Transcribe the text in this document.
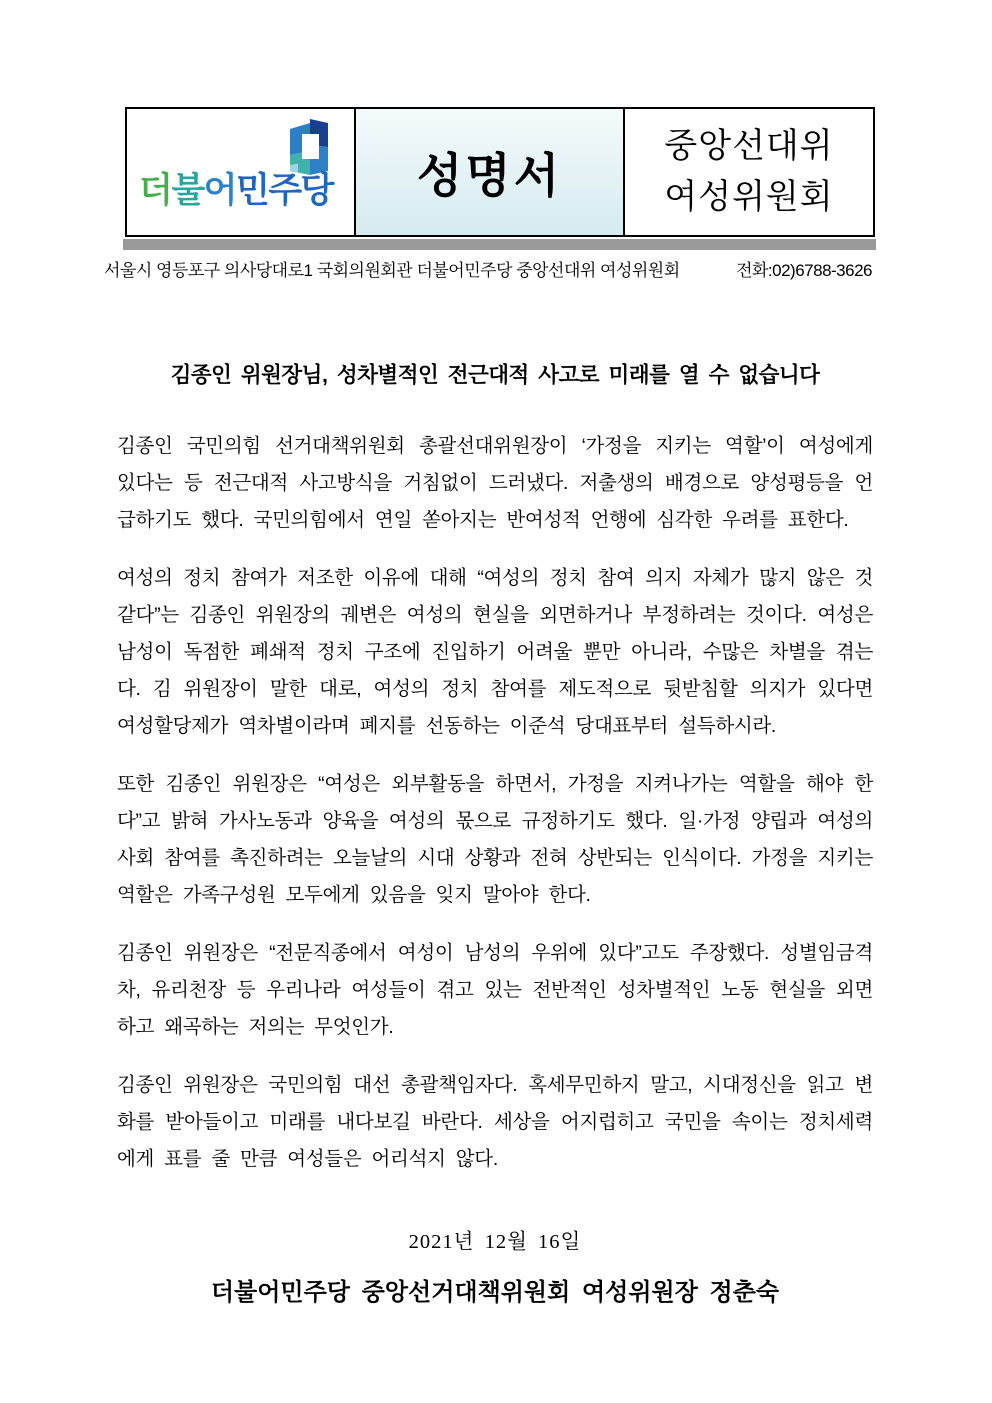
더불어민주당 성명서
중앙선대위
여성위원회
서울시 영등포구 의사당대로1 국회의원회관 더불어민주당 중앙선대위 여성위원회	전화:02)6788-3626
김종인 위원장님, 성차별적인 전근대적 사고로 미래를 열 수 없습니다

김종인 국민의힘 선거대책위원회 총괄선대위원장이 ‘가정을 지키는 역할’이 여성에게 있다는 등 전근대적 사고방식을 거침없이 드러냈다. 저출생의 배경으로 양성평등을 언급하기도 했다. 국민의힘에서 연일 쏟아지는 반여성적 언행에 심각한 우려를 표한다.

여성의 정치 참여가 저조한 이유에 대해 “여성의 정치 참여 의지 자체가 많지 않은 것 같다”는 김종인 위원장의 궤변은 여성의 현실을 외면하거나 부정하려는 것이다. 여성은 남성이 독점한 폐쇄적 정치 구조에 진입하기 어려울 뿐만 아니라, 수많은 차별을 겪는다. 김 위원장이 말한 대로, 여성의 정치 참여를 제도적으로 뒷받침할 의지가 있다면 여성할당제가 역차별이라며 폐지를 선동하는 이준석 당대표부터 설득하시라.

또한 김종인 위원장은 “여성은 외부활동을 하면서, 가정을 지켜나가는 역할을 해야 한다”고 밝혀 가사노동과 양육을 여성의 몫으로 규정하기도 했다. 일·가정 양립과 여성의 사회 참여를 촉진하려는 오늘날의 시대 상황과 전혀 상반되는 인식이다. 가정을 지키는 역할은 가족구성원 모두에게 있음을 잊지 말아야 한다.

김종인 위원장은 “전문직종에서 여성이 남성의 우위에 있다”고도 주장했다. 성별임금격차, 유리천장 등 우리나라 여성들이 겪고 있는 전반적인 성차별적인 노동 현실을 외면하고 왜곡하는 저의는 무엇인가.

김종인 위원장은 국민의힘 대선 총괄책임자다. 혹세무민하지 말고, 시대정신을 읽고 변화를 받아들이고 미래를 내다보길 바란다. 세상을 어지럽히고 국민을 속이는 정치세력에게 표를 줄 만큼 여성들은 어리석지 않다.

2021년 12월 16일
더불어민주당 중앙선거대책위원회 여성위원장 정춘숙
